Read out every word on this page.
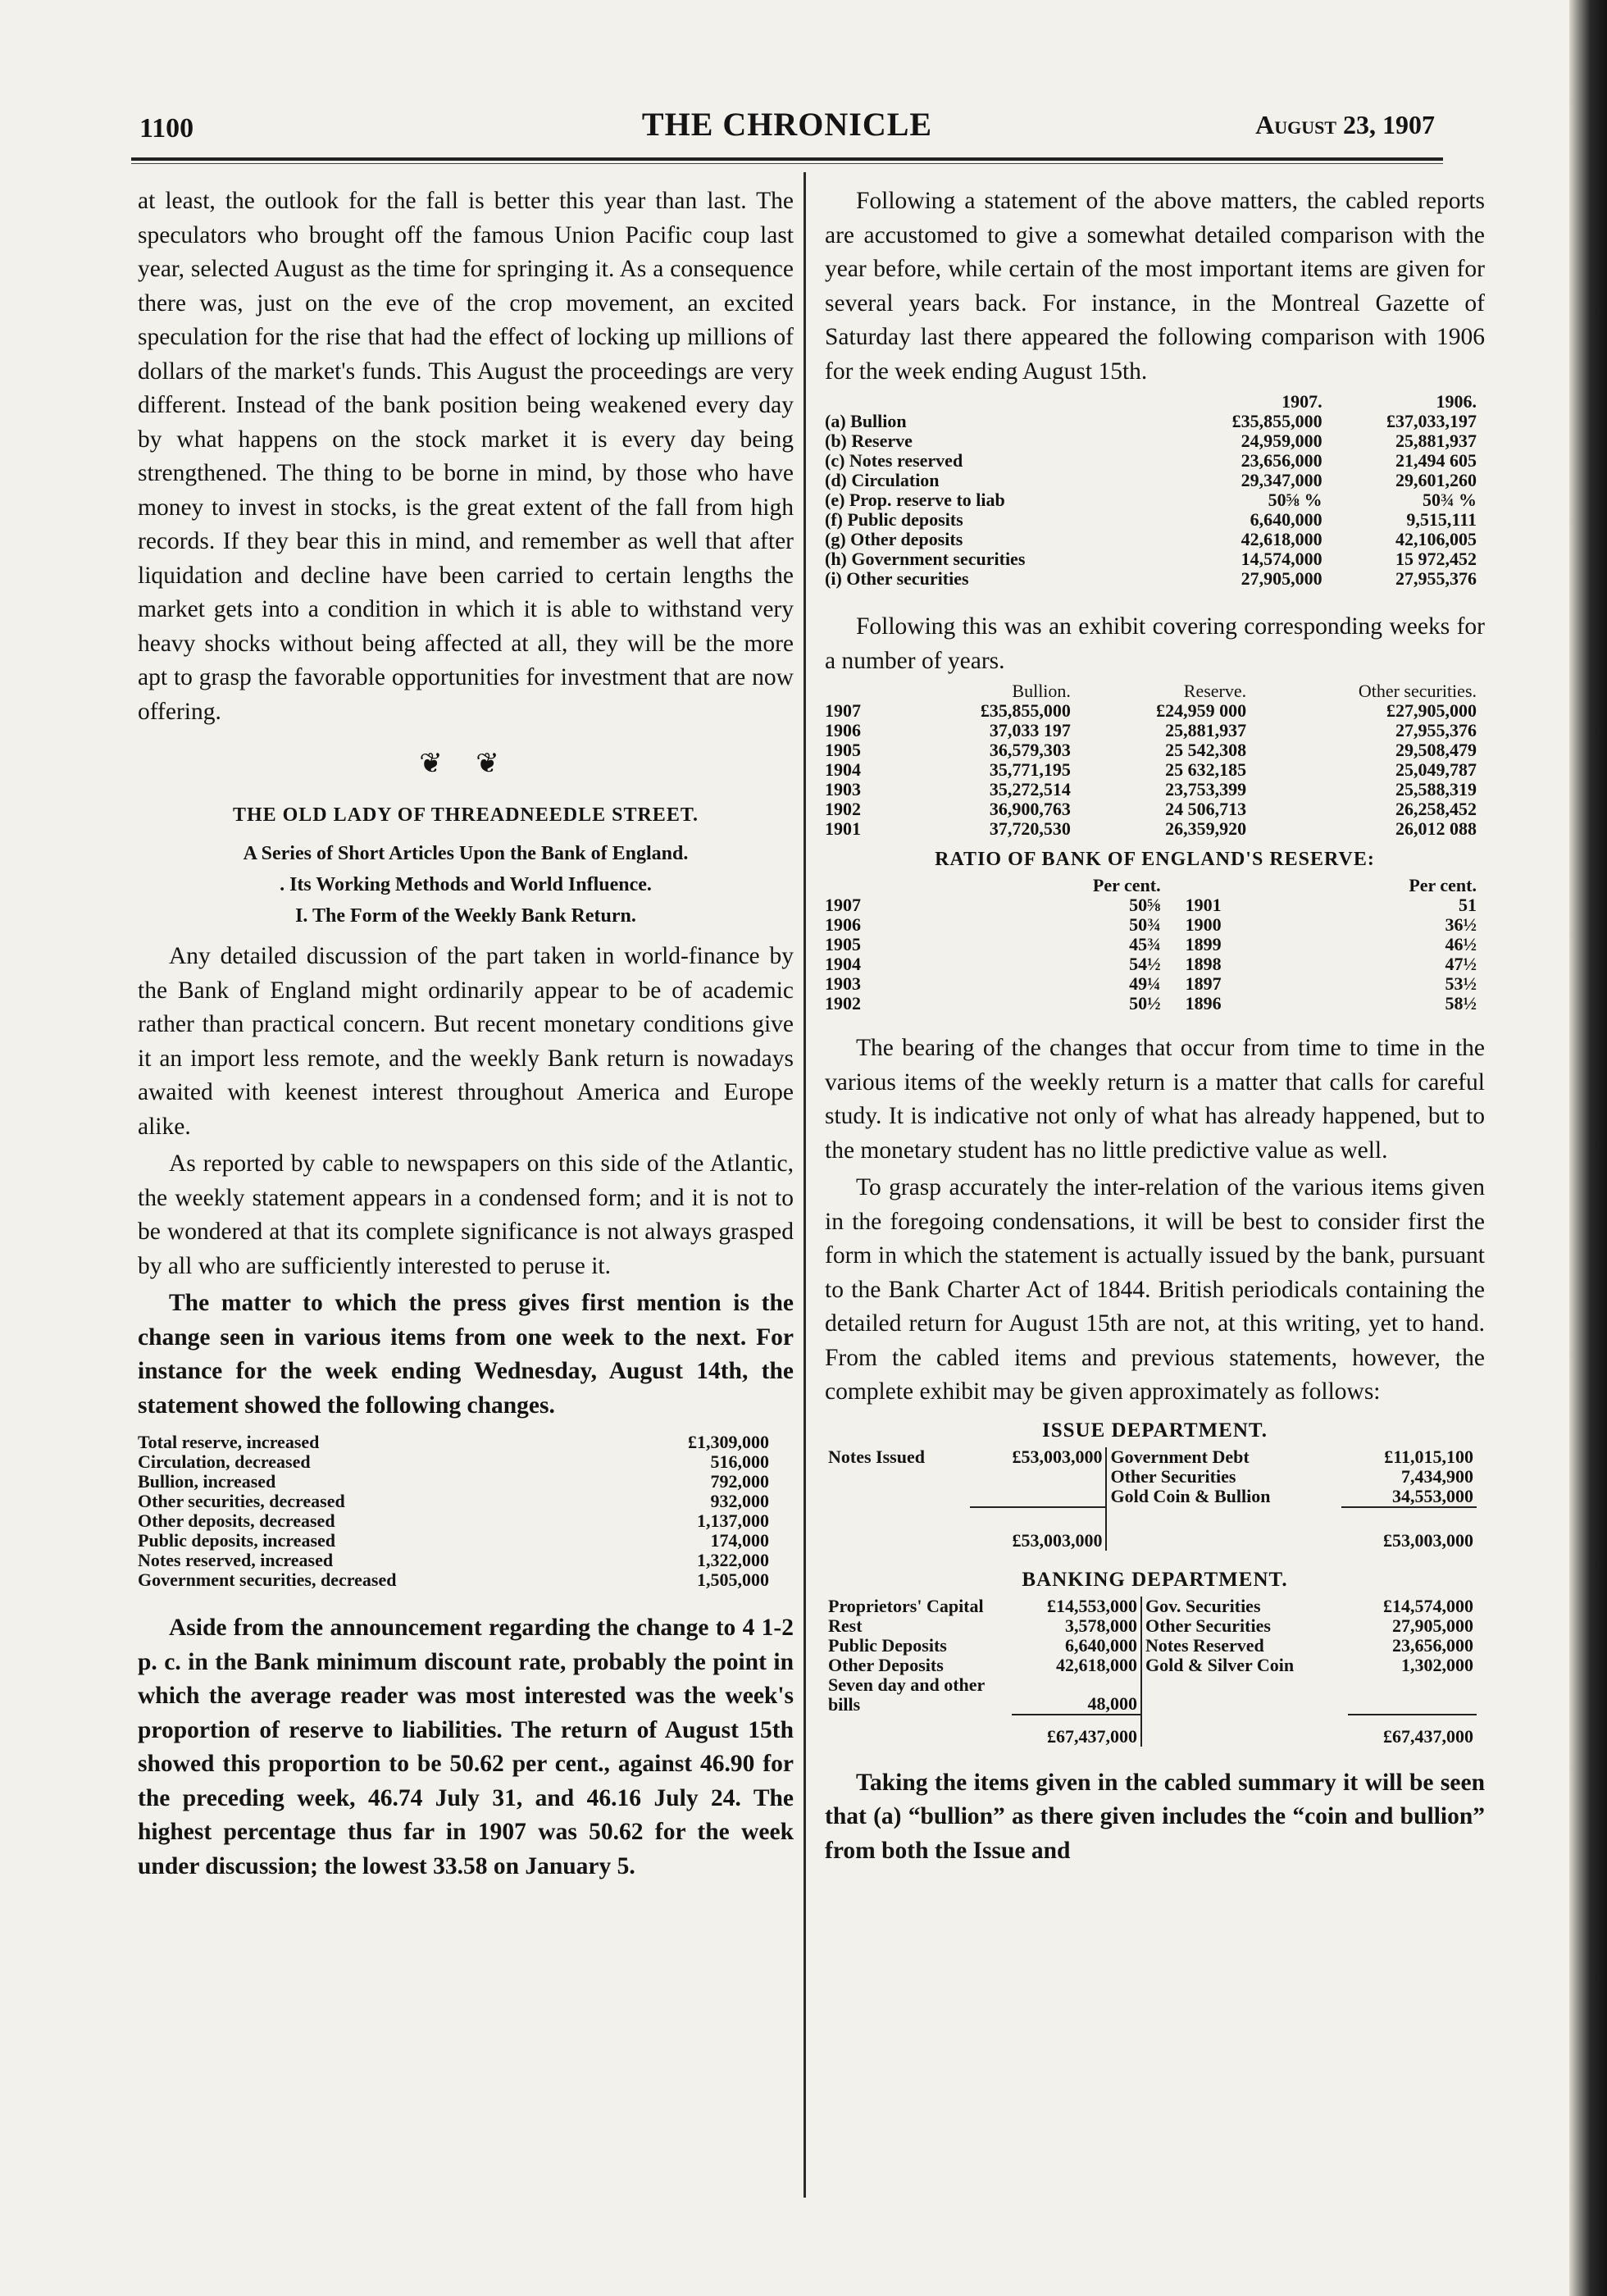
1100	THE CHRONICLE	August 23, 1907

at least, the outlook for the fall is better this year than last. The speculators who brought off the famous Union Pacific coup last year, selected August as the time for springing it. As a consequence there was, just on the eve of the crop movement, an excited speculation for the rise that had the effect of locking up millions of dollars of the market's funds. This August the proceedings are very different. Instead of the bank position being weakened every day by what happens on the stock market it is every day being strengthened. The thing to be borne in mind, by those who have money to invest in stocks, is the great extent of the fall from high records. If they bear this in mind, and remember as well that after liquidation and decline have been carried to certain lengths the market gets into a condition in which it is able to withstand very heavy shocks without being affected at all, they will be the more apt to grasp the favorable opportunities for investment that are now offering.

❦ ❦
THE OLD LADY OF THREADNEEDLE STREET.
A Series of Short Articles Upon the Bank of England.
. Its Working Methods and World Influence.
I. The Form of the Weekly Bank Return.

Any detailed discussion of the part taken in world-finance by the Bank of England might ordinarily appear to be of academic rather than practical concern. But recent monetary conditions give it an import less remote, and the weekly Bank return is nowadays awaited with keenest interest throughout America and Europe alike.

As reported by cable to newspapers on this side of the Atlantic, the weekly statement appears in a condensed form; and it is not to be wondered at that its complete significance is not always grasped by all who are sufficiently interested to peruse it.

The matter to which the press gives first mention is the change seen in various items from one week to the next. For instance for the week ending Wednesday, August 14th, the statement showed the following changes.

Total reserve, increased	£1,309,000
Circulation, decreased	516,000
Bullion, increased	792,000
Other securities, decreased	932,000
Other deposits, decreased	1,137,000
Public deposits, increased	174,000
Notes reserved, increased	1,322,000
Government securities, decreased	1,505,000

Aside from the announcement regarding the change to 4 1-2 p. c. in the Bank minimum discount rate, probably the point in which the average reader was most interested was the week's proportion of reserve to liabilities. The return of August 15th showed this proportion to be 50.62 per cent., against 46.90 for the preceding week, 46.74 July 31, and 46.16 July 24. The highest percentage thus far in 1907 was 50.62 for the week under discussion; the lowest 33.58 on January 5.

Following a statement of the above matters, the cabled reports are accustomed to give a somewhat detailed comparison with the year before, while certain of the most important items are given for several years back. For instance, in the Montreal Gazette of Saturday last there appeared the following comparison with 1906 for the week ending August 15th.

	1907.	1906.
(a) Bullion	£35,855,000	£37,033,197
(b) Reserve	24,959,000	25,881,937
(c) Notes reserved	23,656,000	21,494 605
(d) Circulation	29,347,000	29,601,260
(e) Prop. reserve to liab	50⅝ %	50¾ %
(f) Public deposits	6,640,000	9,515,111
(g) Other deposits	42,618,000	42,106,005
(h) Government securities	14,574,000	15 972,452
(i) Other securities	27,905,000	27,955,376

Following this was an exhibit covering corresponding weeks for a number of years.

	Bullion.	Reserve.	Other securities.
1907	£35,855,000	£24,959 000	£27,905,000
1906	37,033 197	25,881,937	27,955,376
1905	36,579,303	25 542,308	29,508,479
1904	35,771,195	25 632,185	25,049,787
1903	35,272,514	23,753,399	25,588,319
1902	36,900,763	24 506,713	26,258,452
1901	37,720,530	26,359,920	26,012 088
RATIO OF BANK OF ENGLAND'S RESERVE:
	Per cent.		Per cent.
1907	50⅝	1901	51
1906	50¾	1900	36½
1905	45¾	1899	46½
1904	54½	1898	47½
1903	49¼	1897	53½
1902	50½	1896	58½

The bearing of the changes that occur from time to time in the various items of the weekly return is a matter that calls for careful study. It is indicative not only of what has already happened, but to the monetary student has no little predictive value as well.

To grasp accurately the inter-relation of the various items given in the foregoing condensations, it will be best to consider first the form in which the statement is actually issued by the bank, pursuant to the Bank Charter Act of 1844. British periodicals containing the detailed return for August 15th are not, at this writing, yet to hand. From the cabled items and previous statements, however, the complete exhibit may be given approximately as follows:

ISSUE DEPARTMENT.
Notes Issued	£53,003,000	Government Debt	£11,015,100
		Other Securities	7,434,900
		Gold Coin & Bullion	34,553,000
	£53,003,000		£53,003,000
BANKING DEPARTMENT.
Proprietors' Capital	£14,553,000	Gov. Securities	£14,574,000
Rest	3,578,000	Other Securities	27,905,000
Public Deposits	6,640,000	Notes Reserved	23,656,000
Other Deposits	42,618,000	Gold & Silver Coin	1,302,000
Seven day and other bills	48,000		
	£67,437,000		£67,437,000

Taking the items given in the cabled summary it will be seen that (a) “bullion” as there given includes the “coin and bullion” from both the Issue and
